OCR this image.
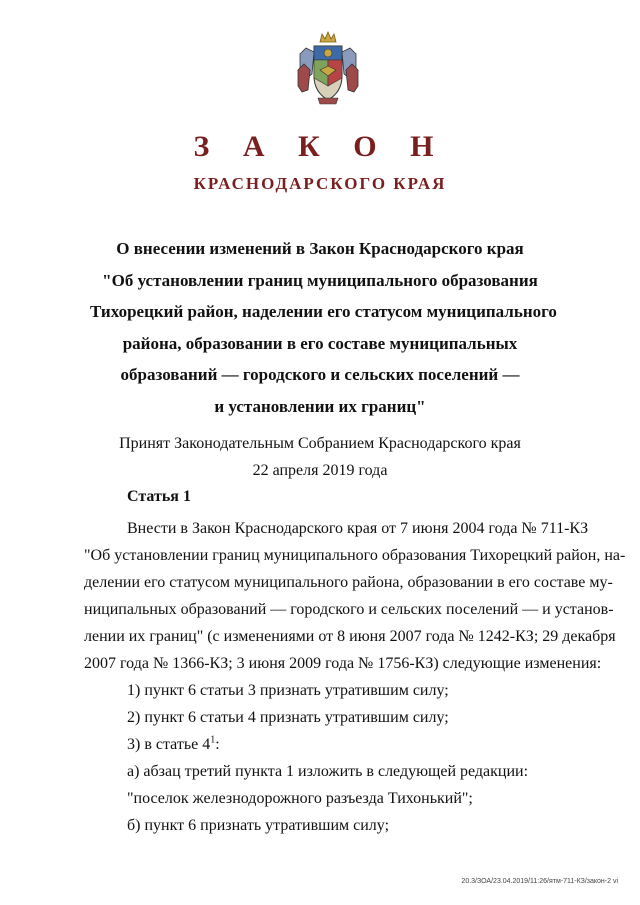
З А К О Н
КРАСНОДАРСКОГО КРАЯ
О внесении изменений в Закон Краснодарского края
"Об установлении границ муниципального образования
Тихорецкий район, наделении его статусом муниципального
района, образовании в его составе муниципальных
образований — городского и сельских поселений —
и установлении их границ"
Принят Законодательным Собранием Краснодарского края
22 апреля 2019 года
Статья 1
Внести в Закон Краснодарского края от 7 июня 2004 года № 711-КЗ
"Об установлении границ муниципального образования Тихорецкий район, на-
делении его статусом муниципального района, образовании в его составе му-
ниципальных образований — городского и сельских поселений — и установ-
лении их границ" (с изменениями от 8 июня 2007 года № 1242-КЗ; 29 декабря
2007 года № 1366-КЗ; 3 июня 2009 года № 1756-КЗ) следующие изменения:
1) пункт 6 статьи 3 признать утратившим силу;
2) пункт 6 статьи 4 признать утратившим силу;
3) в статье $4^1$:
а) абзац третий пункта 1 изложить в следующей редакции:
"поселок железнодорожного разъезда Тихонький";
б) пункт 6 признать утратившим силу;
20.3/ЗОА/23.04.2019/11:26/ятм-711-КЗ/закон-2 vi
